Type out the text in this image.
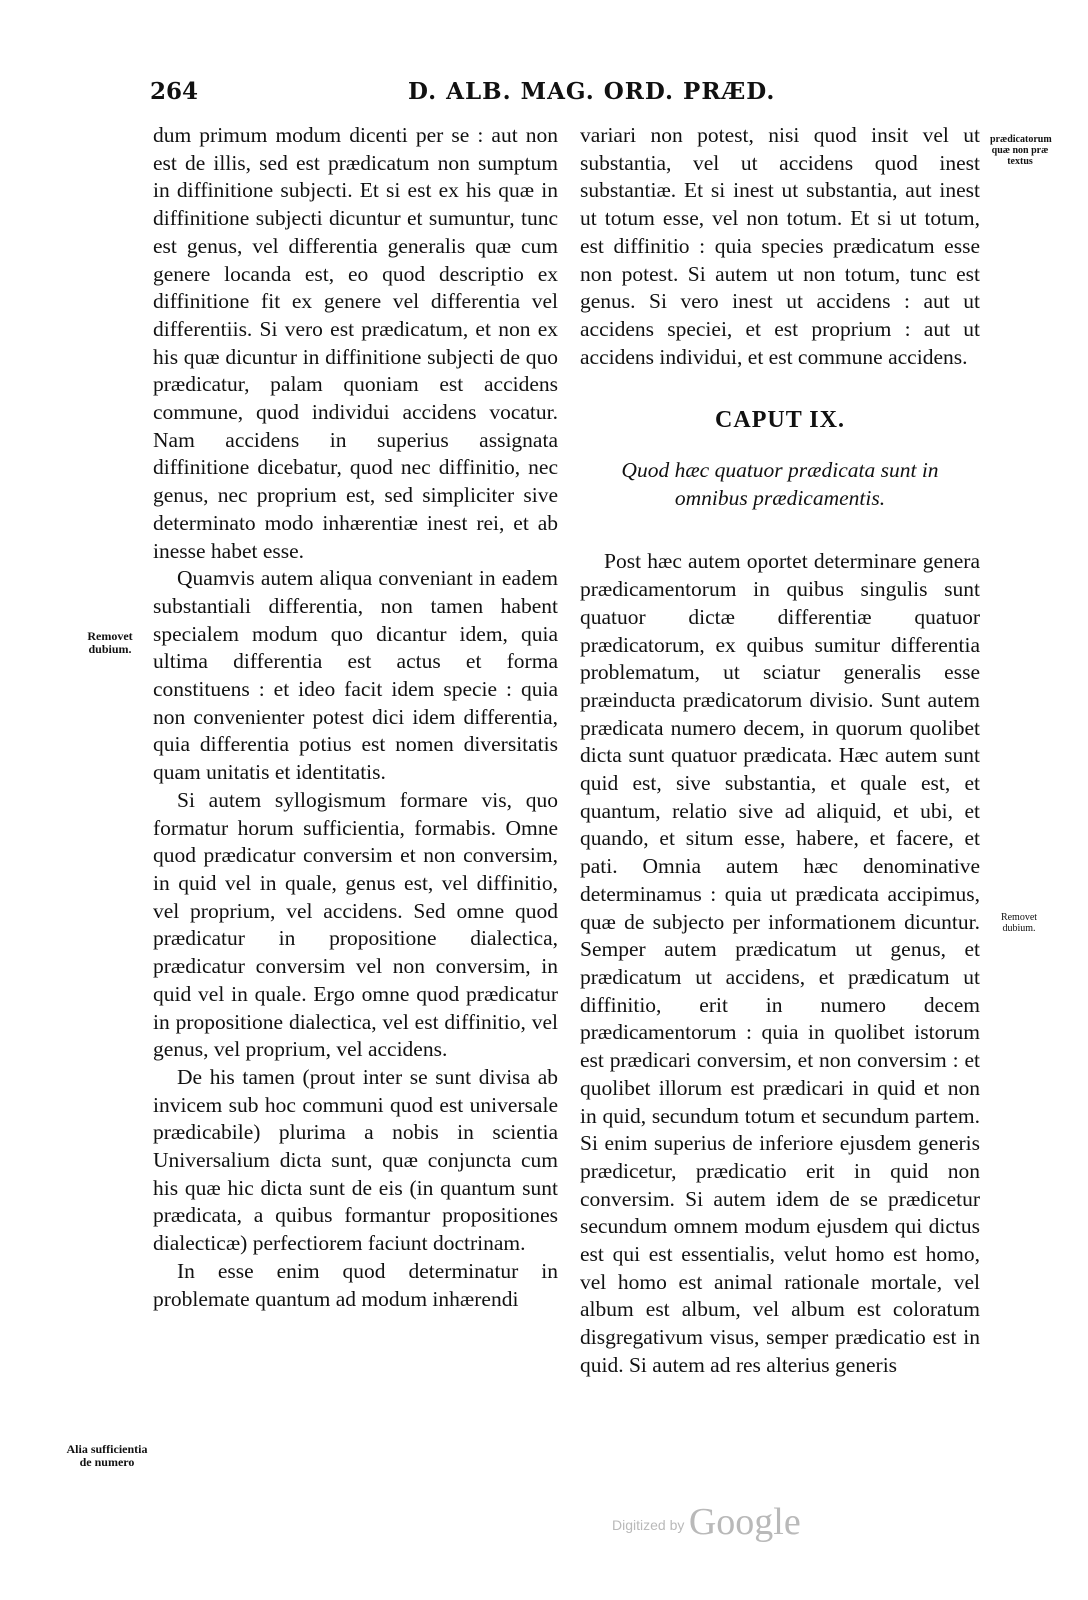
264	D. ALB. MAG. ORD. PRÆD.
Removet dubium.
Alia sufficientia de numero
prædicatorum quæ non præ textus
Removet dubium.

dum primum modum dicenti per se : aut non est de illis, sed est prædicatum non sumptum in diffinitione subjecti. Et si est ex his quæ in diffinitione subjecti dicuntur et sumuntur, tunc est genus, vel differentia generalis quæ cum genere locanda est, eo quod descriptio ex diffinitione fit ex genere vel differentia vel differentiis. Si vero est prædicatum, et non ex his quæ dicuntur in diffinitione subjecti de quo prædicatur, palam quoniam est accidens commune, quod individui accidens vocatur. Nam accidens in superius assignata diffinitione dicebatur, quod nec diffinitio, nec genus, nec proprium est, sed simpliciter sive determinato modo inhærentiæ inest rei, et ab inesse habet esse.

Quamvis autem aliqua conveniant in eadem substantiali differentia, non tamen habent specialem modum quo dicantur idem, quia ultima differentia est actus et forma constituens : et ideo facit idem specie : quia non convenienter potest dici idem differentia, quia differentia potius est nomen diversitatis quam unitatis et identitatis.

Si autem syllogismum formare vis, quo formatur horum sufficientia, formabis. Omne quod prædicatur conversim et non conversim, in quid vel in quale, genus est, vel diffinitio, vel proprium, vel accidens. Sed omne quod prædicatur in propositione dialectica, prædicatur conversim vel non conversim, in quid vel in quale. Ergo omne quod prædicatur in propositione dialectica, vel est diffinitio, vel genus, vel proprium, vel accidens.

De his tamen (prout inter se sunt divisa ab invicem sub hoc communi quod est universale prædicabile) plurima a nobis in scientia Universalium dicta sunt, quæ conjuncta cum his quæ hic dicta sunt de eis (in quantum sunt prædicata, a quibus formantur propositiones dialecticæ) perfectiorem faciunt doctrinam.

In esse enim quod determinatur in problemate quantum ad modum inhærendi

variari non potest, nisi quod insit vel ut substantia, vel ut accidens quod inest substantiæ. Et si inest ut substantia, aut inest ut totum esse, vel non totum. Et si ut totum, est diffinitio : quia species prædicatum esse non potest. Si autem ut non totum, tunc est genus. Si vero inest ut accidens : aut ut accidens speciei, et est proprium : aut ut accidens individui, et est commune accidens.

CAPUT IX.
Quod hæc quatuor prædicata sunt in
omnibus prædicamentis.

Post hæc autem oportet determinare genera prædicamentorum in quibus singulis sunt quatuor dictæ differentiæ quatuor prædicatorum, ex quibus sumitur differentia problematum, ut sciatur generalis esse præinducta prædicatorum divisio. Sunt autem prædicata numero decem, in quorum quolibet dicta sunt quatuor prædicata. Hæc autem sunt quid est, sive substantia, et quale est, et quantum, relatio sive ad aliquid, et ubi, et quando, et situm esse, habere, et facere, et pati. Omnia autem hæc denominative determinamus : quia ut prædicata accipimus, quæ de subjecto per informationem dicuntur. Semper autem prædicatum ut genus, et prædicatum ut accidens, et prædicatum ut diffinitio, erit in numero decem prædicamentorum : quia in quolibet istorum est prædicari conversim, et non conversim : et quolibet illorum est prædicari in quid et non in quid, secundum totum et secundum partem. Si enim superius de inferiore ejusdem generis prædicetur, prædicatio erit in quid non conversim. Si autem idem de se prædicetur secundum omnem modum ejusdem qui dictus est qui est essentialis, velut homo est homo, vel homo est animal rationale mortale, vel album est album, vel album est coloratum disgregativum visus, semper prædicatio est in quid. Si autem ad res alterius generis

Digitized by Google
